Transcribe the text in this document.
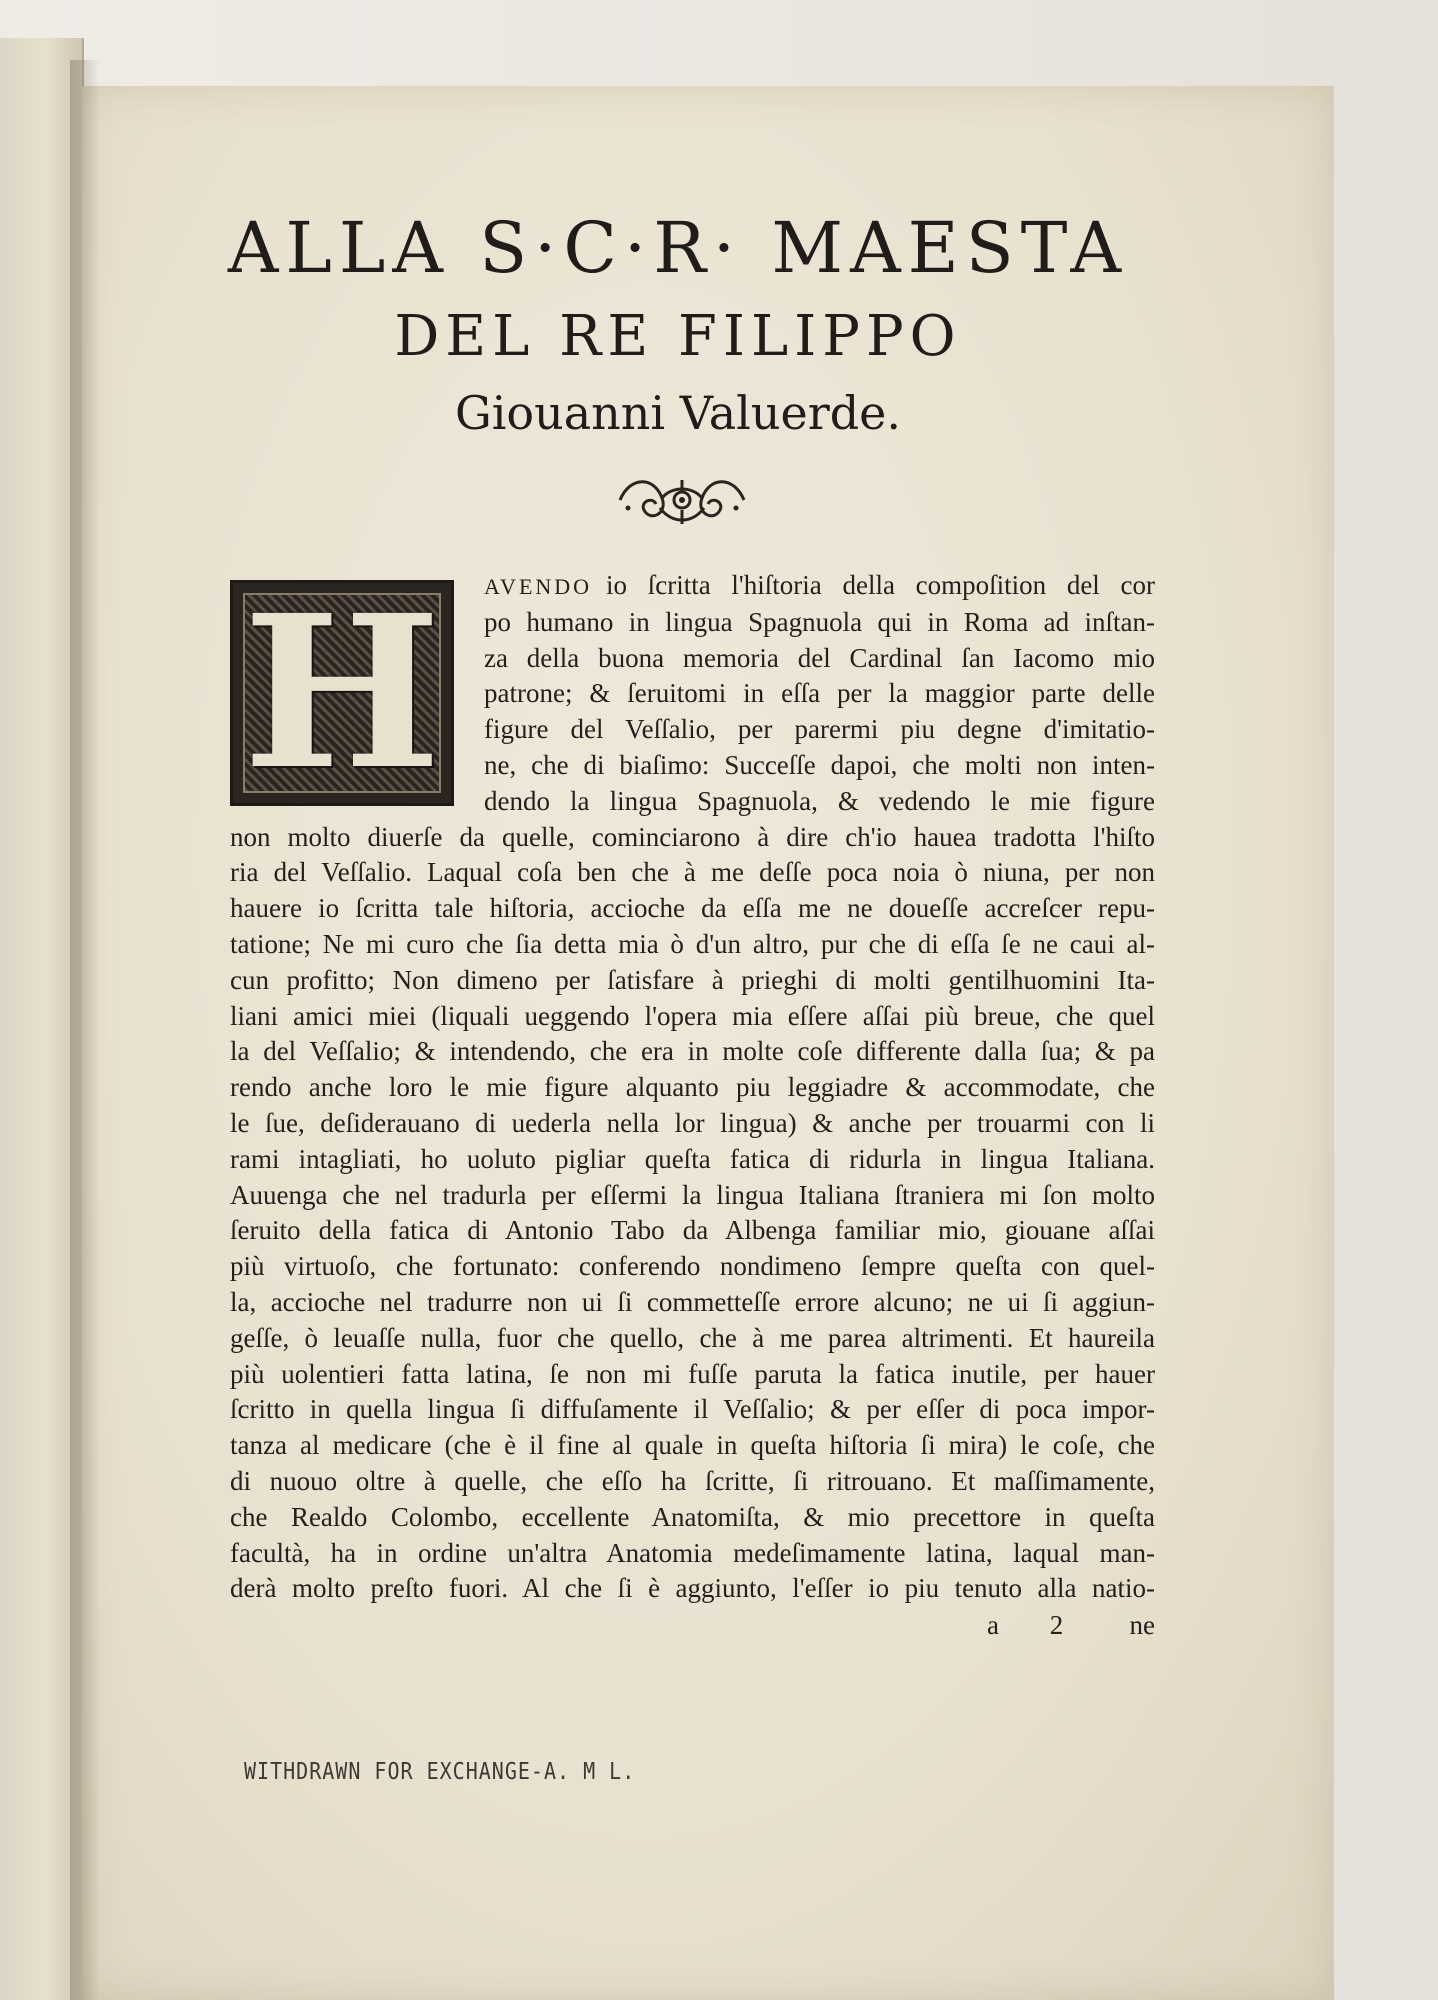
ALLA S·C·R· MAESTA
DEL RE FILIPPO
Giouanni Valuerde.
H	AVENDO io ſcritta l'hiſtoria della compoſition del cor
po humano in lingua Spagnuola qui in Roma ad inſtan-
za della buona memoria del Cardinal ſan Iacomo mio
patrone; & ſeruitomi in eſſa per la maggior parte delle
figure del Veſſalio, per parermi piu degne d'imitatio-
ne, che di biaſimo: Succeſſe dapoi, che molti non inten-
dendo la lingua Spagnuola, & vedendo le mie figure
non molto diuerſe da quelle, cominciarono à dire ch'io hauea tradotta l'hiſto
ria del Veſſalio. Laqual coſa ben che à me deſſe poca noia ò niuna, per non
hauere io ſcritta tale hiſtoria, accioche da eſſa me ne doueſſe accreſcer repu-
tatione; Ne mi curo che ſia detta mia ò d'un altro, pur che di eſſa ſe ne caui al-
cun profitto; Non dimeno per ſatisfare à prieghi di molti gentilhuomini Ita-
liani amici miei (liquali ueggendo l'opera mia eſſere aſſai più breue, che quel
la del Veſſalio; & intendendo, che era in molte coſe differente dalla ſua; & pa
rendo anche loro le mie figure alquanto piu leggiadre & accommodate, che
le ſue, deſiderauano di uederla nella lor lingua) & anche per trouarmi con li
rami intagliati, ho uoluto pigliar queſta fatica di ridurla in lingua Italiana.
Auuenga che nel tradurla per eſſermi la lingua Italiana ſtraniera mi ſon molto
ſeruito della fatica di Antonio Tabo da Albenga familiar mio, giouane aſſai
più virtuoſo, che fortunato: conferendo nondimeno ſempre queſta con quel-
la, accioche nel tradurre non ui ſi commetteſſe errore alcuno; ne ui ſi aggiun-
geſſe, ò leuaſſe nulla, fuor che quello, che à me parea altrimenti. Et haureila
più uolentieri fatta latina, ſe non mi fuſſe paruta la fatica inutile, per hauer
ſcritto in quella lingua ſi diffuſamente il Veſſalio; & per eſſer di poca impor-
tanza al medicare (che è il fine al quale in queſta hiſtoria ſi mira) le coſe, che
di nuouo oltre à quelle, che eſſo ha ſcritte, ſi ritrouano. Et maſſimamente,
che Realdo Colombo, eccellente Anatomiſta, & mio precettore in queſta
facultà, ha in ordine un'altra Anatomia medeſimamente latina, laqual man-
derà molto preſto fuori. Al che ſi è aggiunto, l'eſſer io piu tenuto alla natio-
a 2 ne
WITHDRAWN FOR EXCHANGE-A. M L.
